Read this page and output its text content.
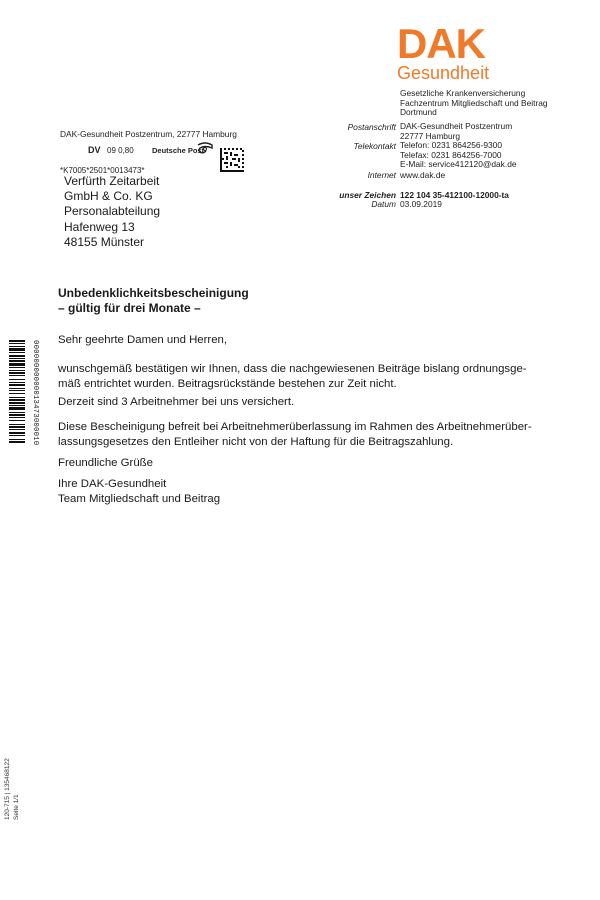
DAK
Gesundheit
Gesetzliche Krankenversicherung
Fachzentrum Mitgliedschaft und Beitrag
Dortmund
Postanschrift DAK-Gesundheit Postzentrum
22777 Hamburg
Telekontakt Telefon: 0231 864256-9300
Telefax: 0231 864256-7000
E-Mail: service412120@dak.de
Internet www.dak.de
unser Zeichen 122 104 35-412100-12000-ta
Datum 03.09.2019
DAK-Gesundheit Postzentrum, 22777 Hamburg
DV 09 0,80 Deutsche Post
*K7005*2501*0013473*
Verfürth Zeitarbeit
GmbH & Co. KG
Personalabteilung
Hafenweg 13
48155 Münster
Unbedenklichkeitsbescheinigung
– gültig für drei Monate –
Sehr geehrte Damen und Herren,
wunschgemäß bestätigen wir Ihnen, dass die nachgewiesenen Beiträge bislang ordnungsge-
mäß entrichtet wurden. Beitragsrückstände bestehen zur Zeit nicht.
Derzeit sind 3 Arbeitnehmer bei uns versichert.
Diese Bescheinigung befreit bei Arbeitnehmerüberlassung im Rahmen des Arbeitnehmerüber-
lassungsgesetzes den Entleiher nicht von der Haftung für die Beitragszahlung.
Freundliche Grüße
Ihre DAK-Gesundheit
Team Mitgliedschaft und Beitrag
00000000000013473000010
120-715 | 135468122 Seite 1/1
